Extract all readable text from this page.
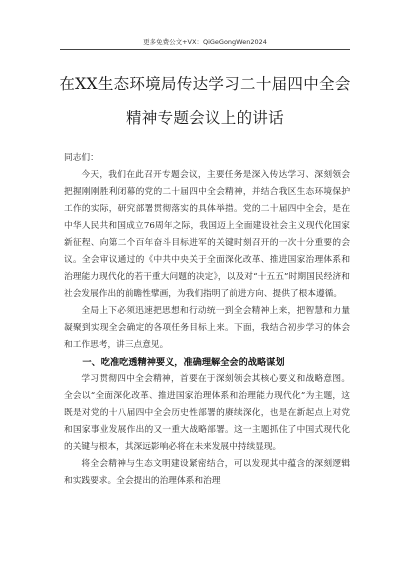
更多免费公文+VX：QiGeGongWen2024
在XX生态环境局传达学习二十届四中全会
精神专题会议上的讲话

同志们：

今天，我们在此召开专题会议，主要任务是深入传达学习、深刻领会把握刚刚胜利闭幕的党的二十届四中全会精神，并结合我区生态环境保护工作的实际，研究部署贯彻落实的具体举措。党的二十届四中全会，是在中华人民共和国成立76周年之际，我国迈上全面建设社会主义现代化国家新征程、向第二个百年奋斗目标进军的关键时刻召开的一次十分重要的会议。全会审议通过的《中共中央关于全面深化改革、推进国家治理体系和治理能力现代化的若干重大问题的决定》，以及对“十五五”时期国民经济和社会发展作出的前瞻性擘画，为我们指明了前进方向、提供了根本遵循。

全局上下必须迅速把思想和行动统一到全会精神上来，把智慧和力量凝聚到实现全会确定的各项任务目标上来。下面，我结合初步学习的体会和工作思考，讲三点意见。

一、吃准吃透精神要义，准确理解全会的战略谋划

学习贯彻四中全会精神，首要在于深刻领会其核心要义和战略意图。全会以“全面深化改革、推进国家治理体系和治理能力现代化”为主题，这既是对党的十八届四中全会历史性部署的赓续深化，也是在新起点上对党和国家事业发展作出的又一重大战略部署。这一主题抓住了中国式现代化的关键与根本，其深远影响必将在未来发展中持续显现。

将全会精神与生态文明建设紧密结合，可以发现其中蕴含的深刻逻辑和实践要求。全会提出的治理体系和治理
